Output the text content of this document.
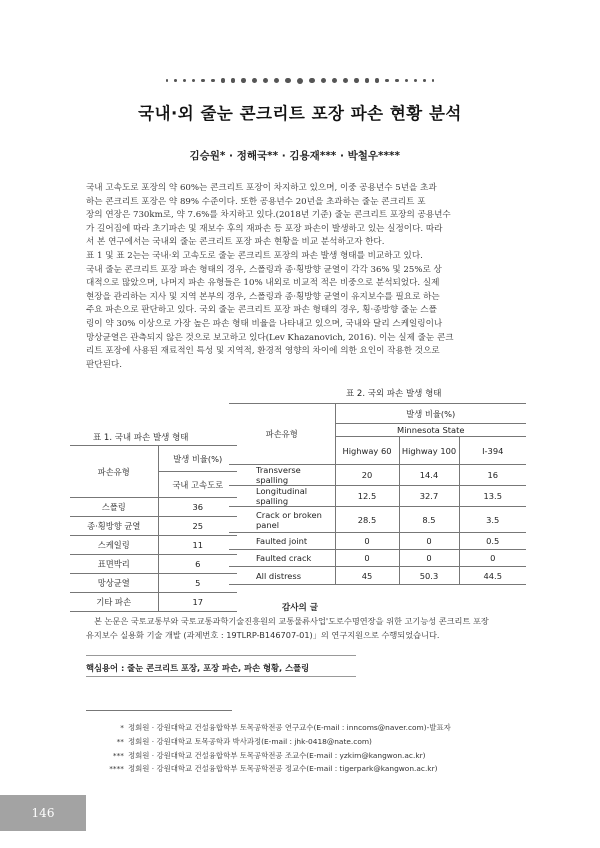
국내·외 줄눈 콘크리트 포장 파손 현황 분석
김승원* · 정해국** · 김용재*** · 박철우****
국내 고속도로 포장의 약 60%는 콘크리트 포장이 차지하고 있으며, 이중 공용년수 5년을 초과
하는 콘크리트 포장은 약 89% 수준이다. 또한 공용년수 20년을 초과하는 줄눈 콘크리트 포
장의 연장은 730km로, 약 7.6%를 차지하고 있다.(2018년 기준) 줄눈 콘크리트 포장의 공용년수
가 길어짐에 따라 초기파손 및 재보수 후의 재파손 등 포장 파손이 발생하고 있는 실정이다. 따라
서 본 연구에서는 국내외 줄눈 콘크리트 포장 파손 현황을 비교 분석하고자 한다.
표 1 및 표 2는는 국내·외 고속도로 줄눈 콘크리트 포장의 파손 발생 형태를 비교하고 있다.
국내 줄눈 콘크리트 포장 파손 형태의 경우, 스폴링과 종·횡방향 균열이 각각 36% 및 25%로 상
대적으로 많았으며, 나머지 파손 유형들은 10% 내외로 비교적 적은 비중으로 분석되었다. 실제
현장을 관리하는 지사 및 지역 본부의 경우, 스폴링과 종·횡방향 균열이 유지보수를 필요로 하는
주요 파손으로 판단하고 있다. 국외 줄눈 콘크리트 포장 파손 형태의 경우, 횡·종방향 줄눈 스폴
링이 약 30% 이상으로 가장 높은 파손 형태 비율을 나타내고 있으며, 국내와 달리 스케일링이나
망상균열은 관측되지 않은 것으로 보고하고 있다(Lev Khazanovich, 2016). 이는 실제 줄눈 콘크
리트 포장에 사용된 재료적인 특성 및 지역적, 환경적 영향의 차이에 의한 요인이 작용한 것으로
판단된다.
표 1. 국내 파손 발생 형태
파손유형	발생 비율(%)
	국내 고속도로
스폴링	36
종·횡방향 균열	25
스케일링	11
표면박리	6
망상균열	5
기타 파손	17
표 2. 국외 파손 발생 형태
파손유형	발생 비율(%)		
	Minnesota State		
	Highway 60	Highway 100	I-394
Transverse spalling	20	14.4	16
Longitudinal spalling	12.5	32.7	13.5
Crack or broken panel	28.5	8.5	3.5
Faulted joint	0	0	0.5
Faulted crack	0	0	0
All distress	45	50.3	44.5
감사의 글
본 논문은 국토교통부와 국토교통과학기술진흥원의 교통물류사업'도로수명연장을 위한 고기능성 콘크리트 포장
유지보수 실용화 기술 개발 (과제번호 : 19TLRP-B146707-01)」의 연구지원으로 수행되었습니다.
핵심용어 : 줄눈 콘크리트 포장, 포장 파손, 파손 형황, 스폴링
* 정회원 · 강원대학교 건설융합학부 토목공학전공 연구교수(E-mail : inncoms@naver.com)-발표자
** 정회원 · 강원대학교 토목공학과 박사과정(E-mail : jhk-0418@nate.com)
*** 정회원 · 강원대학교 건설융합학부 토목공학전공 조교수(E-mail : yzkim@kangwon.ac.kr)
**** 정회원 · 강원대학교 건설융합학부 토목공학전공 정교수(E-mail : tigerpark@kangwon.ac.kr)
146
